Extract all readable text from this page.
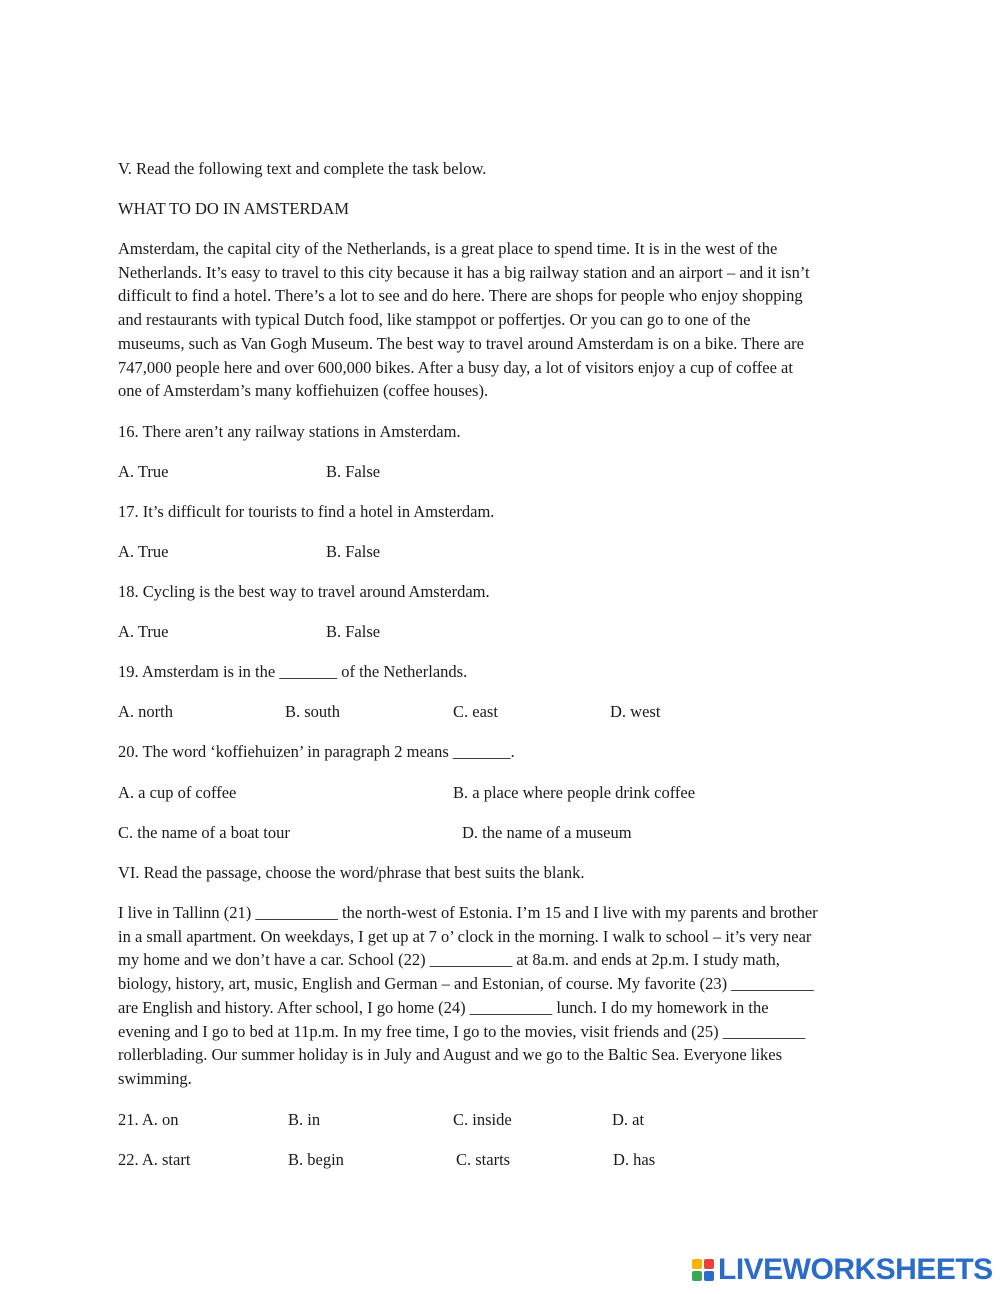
V. Read the following text and complete the task below.
WHAT TO DO IN AMSTERDAM
Amsterdam, the capital city of the Netherlands, is a great place to spend time. It is in the west of the
Netherlands. It’s easy to travel to this city because it has a big railway station and an airport – and it isn’t
difficult to find a hotel. There’s a lot to see and do here. There are shops for people who enjoy shopping
and restaurants with typical Dutch food, like stamppot or poffertjes. Or you can go to one of the
museums, such as Van Gogh Museum. The best way to travel around Amsterdam is on a bike. There are
747,000 people here and over 600,000 bikes. After a busy day, a lot of visitors enjoy a cup of coffee at
one of Amsterdam’s many koffiehuizen (coffee houses).
16. There aren’t any railway stations in Amsterdam.
A. True	B. False
17. It’s difficult for tourists to find a hotel in Amsterdam.
A. True	B. False
18. Cycling is the best way to travel around Amsterdam.
A. True	B. False
19. Amsterdam is in the _______ of the Netherlands.
A. north	B. south	C. east	D. west
20. The word ‘koffiehuizen’ in paragraph 2 means _______.
A. a cup of coffee	B. a place where people drink coffee
C. the name of a boat tour	D. the name of a museum
VI. Read the passage, choose the word/phrase that best suits the blank.
I live in Tallinn (21) __________ the north-west of Estonia. I’m 15 and I live with my parents and brother
in a small apartment. On weekdays, I get up at 7 o’ clock in the morning. I walk to school – it’s very near
my home and we don’t have a car. School (22) __________ at 8a.m. and ends at 2p.m. I study math,
biology, history, art, music, English and German – and Estonian, of course. My favorite (23) __________
are English and history. After school, I go home (24) __________ lunch. I do my homework in the
evening and I go to bed at 11p.m. In my free time, I go to the movies, visit friends and (25) __________
rollerblading. Our summer holiday is in July and August and we go to the Baltic Sea. Everyone likes
swimming.
21. A. on	B. in	C. inside	D. at
22. A. start	B. begin	C. starts	D. has
LIVEWORKSHEETS
